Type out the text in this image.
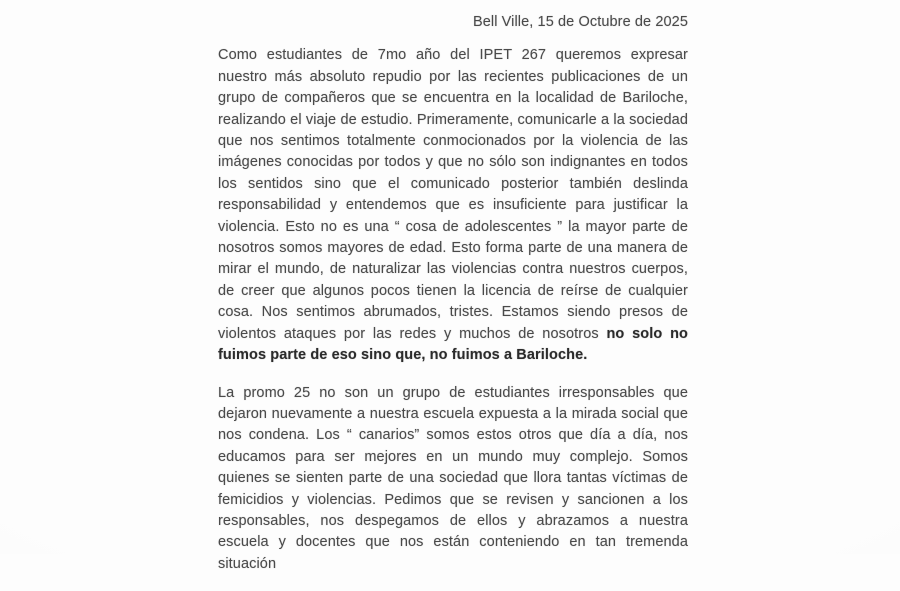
Bell Ville, 15 de Octubre de 2025

Como estudiantes de 7mo año del IPET 267 queremos expresar nuestro más absoluto repudio por las recientes publicaciones de un grupo de compañeros que se encuentra en la localidad de Bariloche, realizando el viaje de estudio. Primeramente, comunicarle a la sociedad que nos sentimos totalmente conmocionados por la violencia de las imágenes conocidas por todos y que no sólo son indignantes en todos los sentidos sino que el comunicado posterior también deslinda responsabilidad y entendemos que es insuficiente para justificar la violencia. Esto no es una “ cosa de adolescentes ” la mayor parte de nosotros somos mayores de edad. Esto forma parte de una manera de mirar el mundo, de naturalizar las violencias contra nuestros cuerpos, de creer que algunos pocos tienen la licencia de reírse de cualquier cosa. Nos sentimos abrumados, tristes. Estamos siendo presos de violentos ataques por las redes y muchos de nosotros no solo no fuimos parte de eso sino que, no fuimos a Bariloche.

La promo 25 no son un grupo de estudiantes irresponsables que dejaron nuevamente a nuestra escuela expuesta a la mirada social que nos condena. Los “ canarios” somos estos otros que día a día, nos educamos para ser mejores en un mundo muy complejo. Somos quienes se sienten parte de una sociedad que llora tantas víctimas de femicidios y violencias. Pedimos que se revisen y sancionen a los responsables, nos despegamos de ellos y abrazamos a nuestra escuela y docentes que nos están conteniendo en tan tremenda situación
